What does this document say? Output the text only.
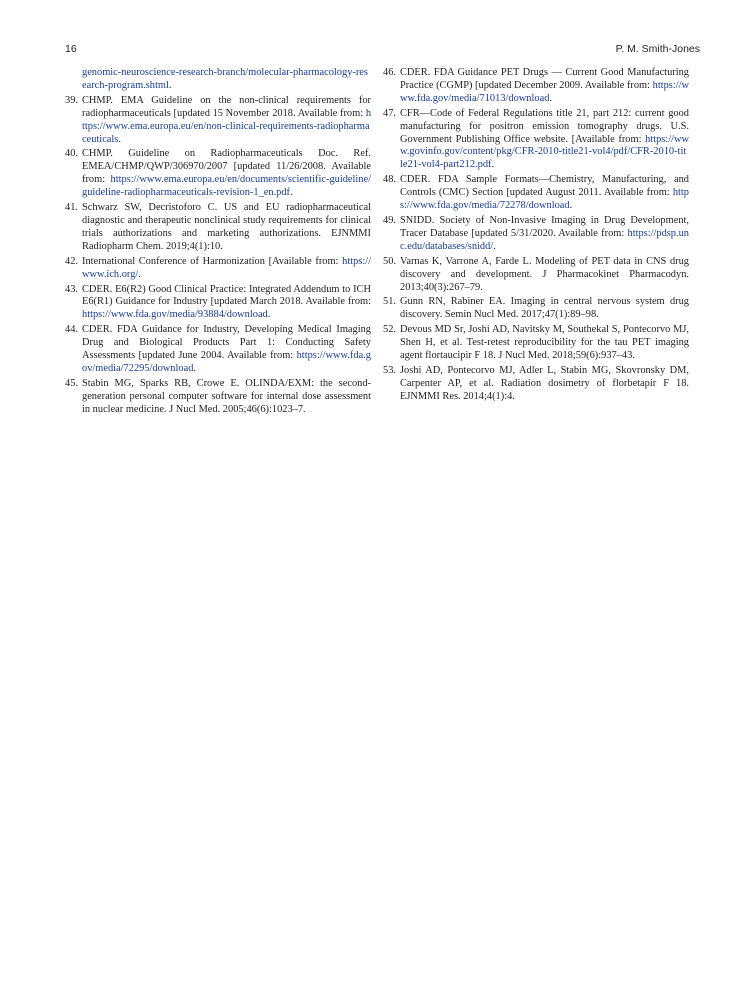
16	P. M. Smith-Jones
genomic-neuroscience-research-branch/molecular-pharmacology-research-program.shtml.
39. CHMP. EMA Guideline on the non-clinical requirements for radiopharmaceuticals [updated 15 November 2018. Available from: https://www.ema.europa.eu/en/non-clinical-requirements-radiopharmaceuticals.
40. CHMP. Guideline on Radiopharmaceuticals Doc. Ref. EMEA/CHMP/QWP/306970/2007 [updated 11/26/2008. Available from: https://www.ema.europa.eu/en/documents/scientific-guideline/guideline-radiopharmaceuticals-revision-1_en.pdf.
41. Schwarz SW, Decristoforo C. US and EU radiopharmaceutical diagnostic and therapeutic nonclinical study requirements for clinical trials authorizations and marketing authorizations. EJNMMI Radiopharm Chem. 2019;4(1):10.
42. International Conference of Harmonization [Available from: https://www.ich.org/.
43. CDER. E6(R2) Good Clinical Practice: Integrated Addendum to ICH E6(R1) Guidance for Industry [updated March 2018. Available from: https://www.fda.gov/media/93884/download.
44. CDER. FDA Guidance for Industry, Developing Medical Imaging Drug and Biological Products Part 1: Conducting Safety Assessments [updated June 2004. Available from: https://www.fda.gov/media/72295/download.
45. Stabin MG, Sparks RB, Crowe E. OLINDA/EXM: the second-generation personal computer software for internal dose assessment in nuclear medicine. J Nucl Med. 2005;46(6):1023–7.
46. CDER. FDA Guidance PET Drugs — Current Good Manufacturing Practice (CGMP) [updated December 2009. Available from: https://www.fda.gov/media/71013/download.
47. CFR—Code of Federal Regulations title 21, part 212: current good manufacturing for positron emission tomography drugs. U.S. Government Publishing Office website. [Available from: https://www.govinfo.gov/content/pkg/CFR-2010-title21-vol4/pdf/CFR-2010-title21-vol4-part212.pdf.
48. CDER. FDA Sample Formats—Chemistry, Manufacturing, and Controls (CMC) Section [updated August 2011. Available from: https://www.fda.gov/media/72278/download.
49. SNIDD. Society of Non-Invasive Imaging in Drug Development, Tracer Database [updated 5/31/2020. Available from: https://pdsp.unc.edu/databases/snidd/.
50. Varnas K, Varrone A, Farde L. Modeling of PET data in CNS drug discovery and development. J Pharmacokinet Pharmacodyn. 2013;40(3):267–79.
51. Gunn RN, Rabiner EA. Imaging in central nervous system drug discovery. Semin Nucl Med. 2017;47(1):89–98.
52. Devous MD Sr, Joshi AD, Navitsky M, Southekal S, Pontecorvo MJ, Shen H, et al. Test-retest reproducibility for the tau PET imaging agent flortaucipir F 18. J Nucl Med. 2018;59(6):937–43.
53. Joshi AD, Pontecorvo MJ, Adler L, Stabin MG, Skovronsky DM, Carpenter AP, et al. Radiation dosimetry of florbetapir F 18. EJNMMI Res. 2014;4(1):4.
